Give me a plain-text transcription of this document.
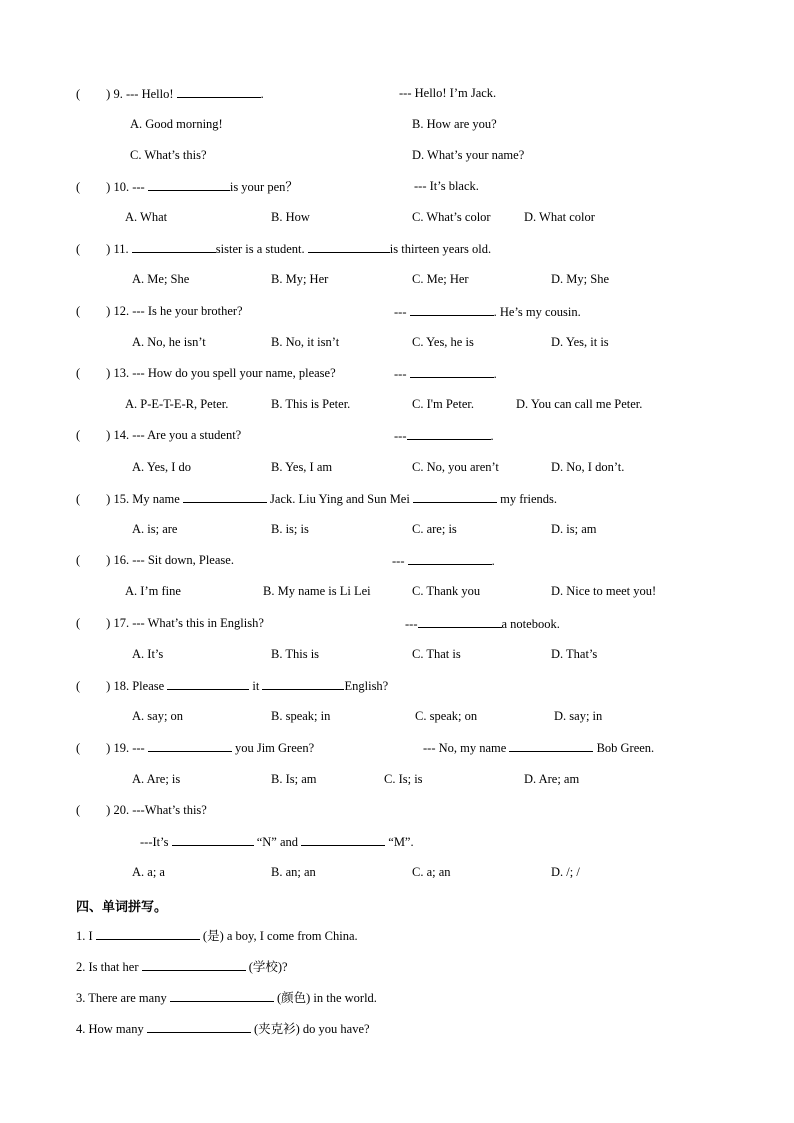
( ) 9. --- Hello!	.	--- Hello! I’m Jack.
A. Good morning!	B. How are you?
C. What’s this?	D. What’s your name?
( ) 10. ---	is your pen？	--- It’s black.
A. What	B. How	C. What’s color	D. What color
( ) 11.	sister is a student.	is thirteen years old.
A. Me; She	B. My; Her	C. Me; Her	D. My; She
( ) 12. --- Is he your brother?	---	. He’s my cousin.
A. No, he isn’t	B. No, it isn’t	C. Yes, he is	D. Yes, it is
( ) 13. --- How do you spell your name, please?	---	.
A. P-E-T-E-R, Peter.	B. This is Peter.	C. I'm Peter.	D. You can call me Peter.
( ) 14. --- Are you a student?	---	.
A. Yes, I do	B. Yes, I am	C. No, you aren’t	D. No, I don’t.
( ) 15. My name	Jack. Liu Ying and Sun Mei	my friends.
A. is; are	B. is; is	C. are; is	D. is; am
( ) 16. --- Sit down, Please.	---	.
A. I’m fine	B. My name is Li Lei	C. Thank you	D. Nice to meet you!
( ) 17. --- What’s this in English?	---	a notebook.
A. It’s	B. This is	C. That is	D. That’s
( ) 18. Please	it	English?
A. say; on	B. speak; in	C. speak; on	D. say; in
( ) 19. ---	you Jim Green?	--- No, my name	Bob Green.
A. Are; is	B. Is; am	C. Is; is	D. Are; am
( ) 20. ---What’s this?
---It’s	“N” and	“M”.
A. a; a	B. an; an	C. a; an	D. /; /
四、单词拼写。
1. I	(是) a boy, I come from China.
2. Is that her	(学校)?
3. There are many	(颜色) in the world.
4. How many	(夹克衫) do you have?
